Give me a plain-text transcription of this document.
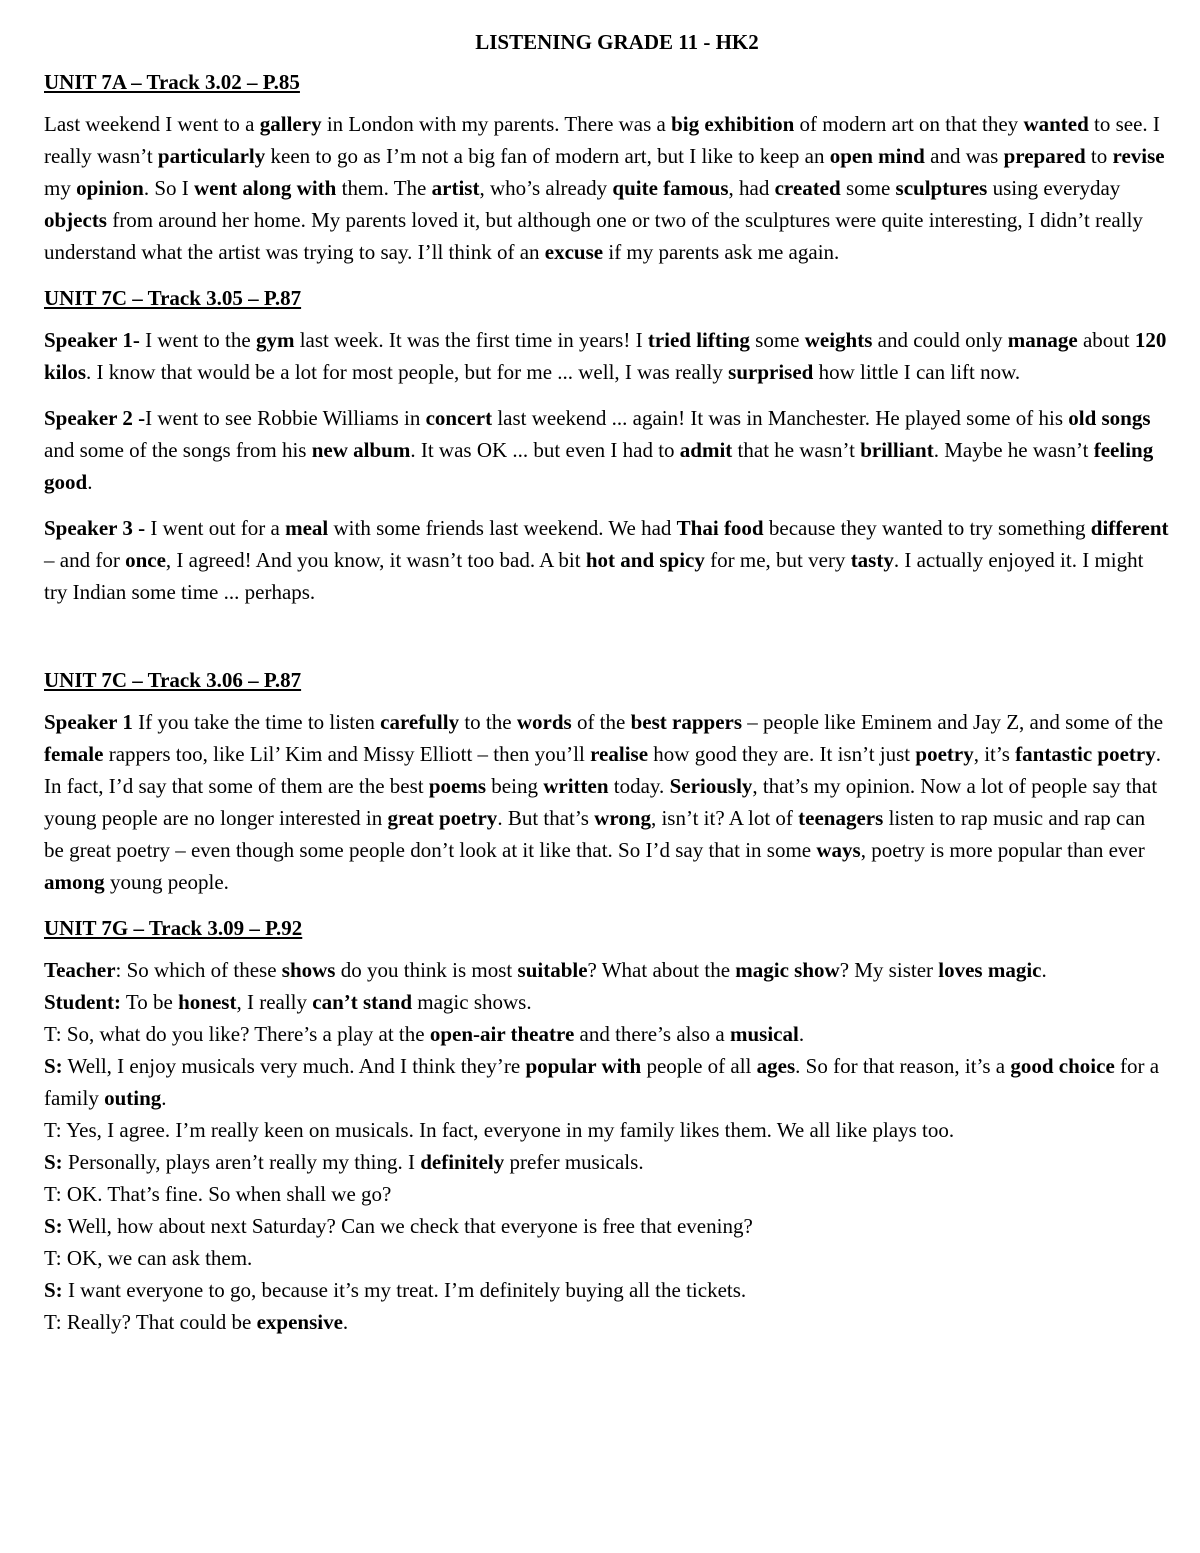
LISTENING GRADE 11 - HK2
UNIT 7A – Track 3.02 – P.85

Last weekend I went to a gallery in London with my parents. There was a big exhibition of modern art on that they wanted to see. I really wasn’t particularly keen to go as I’m not a big fan of modern art, but I like to keep an open mind and was prepared to revise my opinion. So I went along with them. The artist, who’s already quite famous, had created some sculptures using everyday objects from around her home. My parents loved it, but although one or two of the sculptures were quite interesting, I didn’t really understand what the artist was trying to say. I’ll think of an excuse if my parents ask me again.

UNIT 7C – Track 3.05 – P.87

Speaker 1- I went to the gym last week. It was the first time in years! I tried lifting some weights and could only manage about 120 kilos. I know that would be a lot for most people, but for me ... well, I was really surprised how little I can lift now.

Speaker 2 -I went to see Robbie Williams in concert last weekend ... again! It was in Manchester. He played some of his old songs and some of the songs from his new album. It was OK ... but even I had to admit that he wasn’t brilliant. Maybe he wasn’t feeling good.

Speaker 3 - I went out for a meal with some friends last weekend. We had Thai food because they wanted to try something different – and for once, I agreed! And you know, it wasn’t too bad. A bit hot and spicy for me, but very tasty. I actually enjoyed it. I might try Indian some time ... perhaps.

UNIT 7C – Track 3.06 – P.87

Speaker 1 If you take the time to listen carefully to the words of the best rappers – people like Eminem and Jay Z, and some of the female rappers too, like Lil’ Kim and Missy Elliott – then you’ll realise how good they are. It isn’t just poetry, it’s fantastic poetry. In fact, I’d say that some of them are the best poems being written today. Seriously, that’s my opinion. Now a lot of people say that young people are no longer interested in great poetry. But that’s wrong, isn’t it? A lot of teenagers listen to rap music and rap can be great poetry – even though some people don’t look at it like that. So I’d say that in some ways, poetry is more popular than ever among young people.

UNIT 7G – Track 3.09 – P.92

Teacher: So which of these shows do you think is most suitable? What about the magic show? My sister loves magic.

Student: To be honest, I really can’t stand magic shows.

T: So, what do you like? There’s a play at the open-air theatre and there’s also a musical.

S: Well, I enjoy musicals very much. And I think they’re popular with people of all ages. So for that reason, it’s a good choice for a family outing.

T: Yes, I agree. I’m really keen on musicals. In fact, everyone in my family likes them. We all like plays too.

S: Personally, plays aren’t really my thing. I definitely prefer musicals.

T: OK. That’s fine. So when shall we go?

S: Well, how about next Saturday? Can we check that everyone is free that evening?

T: OK, we can ask them.

S: I want everyone to go, because it’s my treat. I’m definitely buying all the tickets.

T: Really? That could be expensive.
